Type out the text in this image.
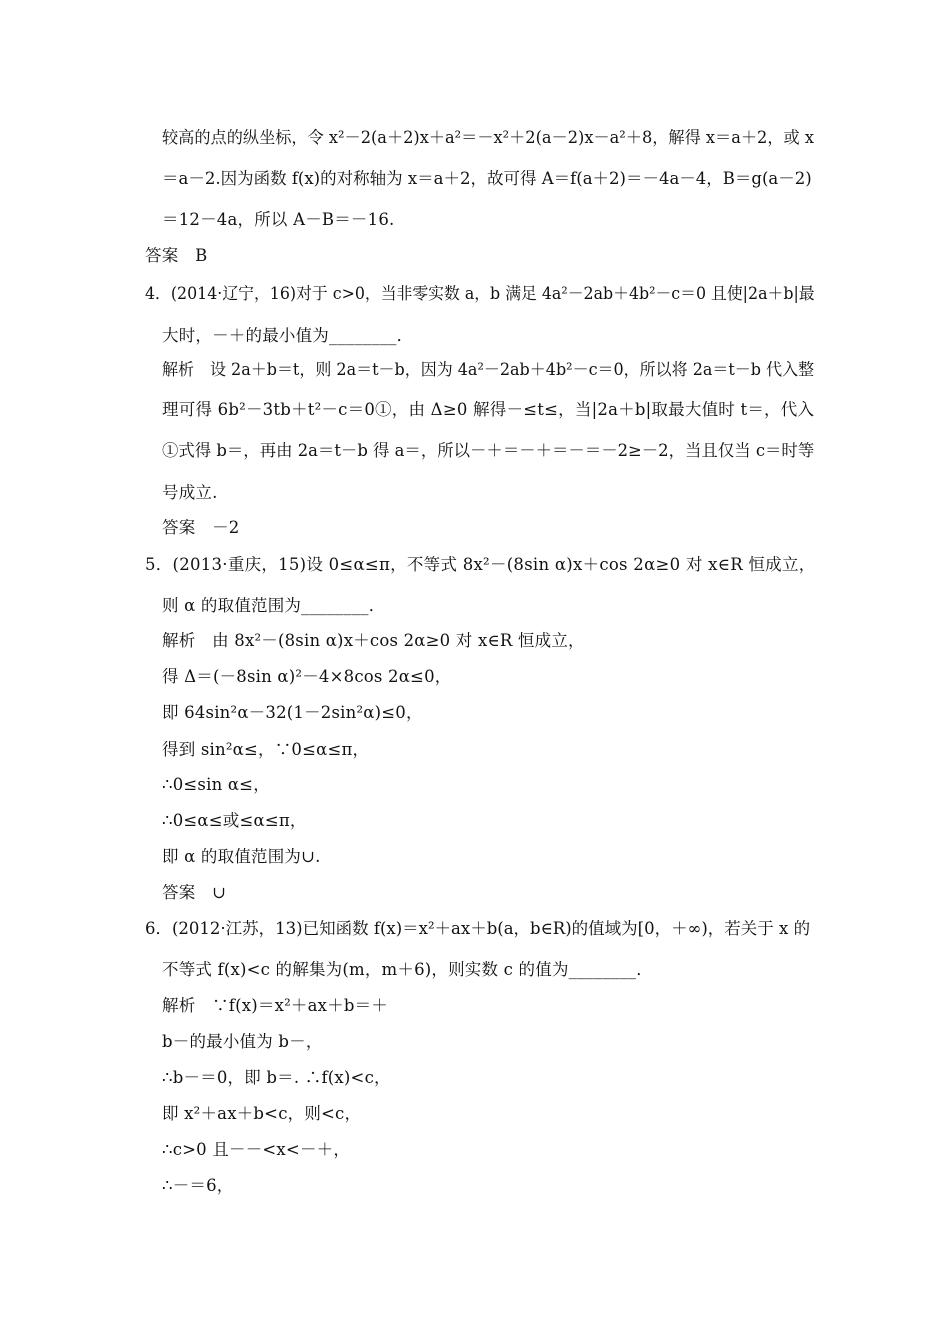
较高的点的纵坐标，令 x²－2(a＋2)x＋a²＝－x²＋2(a－2)x－a²＋8，解得 x＝a＋2，或 x
＝a－2.因为函数 f(x)的对称轴为 x＝a＋2，故可得 A＝f(a＋2)＝－4a－4，B＝g(a－2)
＝12－4a，所以 A－B＝－16.
答案　B
4．(2014·辽宁，16)对于 c>0，当非零实数 a，b 满足 4a²－2ab＋4b²－c＝0 且使|2a＋b|最
大时，－＋的最小值为________．
解析　设 2a＋b＝t，则 2a＝t－b，因为 4a²－2ab＋4b²－c＝0，所以将 2a＝t－b 代入整
理可得 6b²－3tb＋t²－c＝0①，由 Δ≥0 解得－≤t≤，当|2a＋b|取最大值时 t＝，代入
①式得 b＝，再由 2a＝t－b 得 a＝，所以－＋＝－＋＝－＝－2≥－2，当且仅当 c＝时等
号成立.
答案　－2
5．(2013·重庆，15)设 0≤α≤π，不等式 8x²－(8sin α)x＋cos 2α≥0 对 x∈R 恒成立，
则 α 的取值范围为________．
解析　由 8x²－(8sin α)x＋cos 2α≥0 对 x∈R 恒成立，
得 Δ＝(－8sin α)²－4×8cos 2α≤0，
即 64sin²α－32(1－2sin²α)≤0，
得到 sin²α≤，∵0≤α≤π，
∴0≤sin α≤，
∴0≤α≤或≤α≤π，
即 α 的取值范围为∪.
答案　∪
6．(2012·江苏，13)已知函数 f(x)＝x²＋ax＋b(a，b∈R)的值域为[0，＋∞)，若关于 x 的
不等式 f(x)<c 的解集为(m，m＋6)，则实数 c 的值为________．
解析　∵f(x)＝x²＋ax＋b＝＋
b－的最小值为 b－，
∴b－＝0，即 b＝. ∴f(x)<c，
即 x²＋ax＋b<c，则<c，
∴c>0 且－－<x<－＋，
∴－＝6，
